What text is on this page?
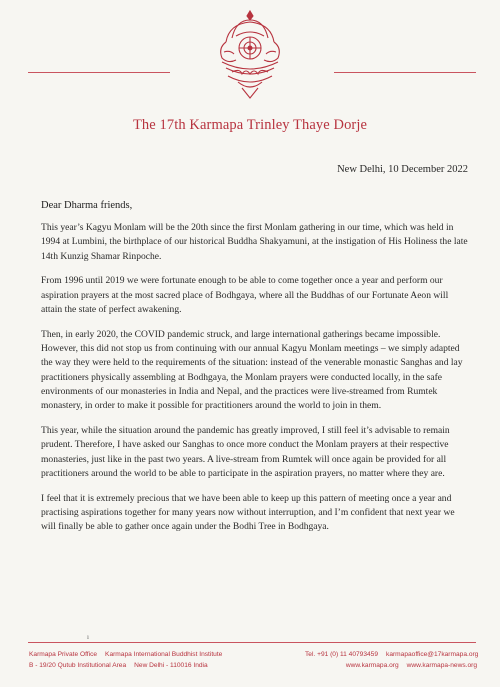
The 17th Karmapa Trinley Thaye Dorje
New Delhi, 10 December 2022
Dear Dharma friends,

This year’s Kagyu Monlam will be the 20th since the first Monlam gathering in our time, which was held in 1994 at Lumbini, the birthplace of our historical Buddha Shakyamuni, at the instigation of His Holiness the late 14th Kunzig Shamar Rinpoche.

From 1996 until 2019 we were fortunate enough to be able to come together once a year and perform our aspiration prayers at the most sacred place of Bodhgaya, where all the Buddhas of our Fortunate Aeon will attain the state of perfect awakening.

Then, in early 2020, the COVID pandemic struck, and large international gatherings became impossible. However, this did not stop us from continuing with our annual Kagyu Monlam meetings – we simply adapted the way they were held to the requirements of the situation: instead of the venerable monastic Sanghas and lay practitioners physically assembling at Bodhgaya, the Monlam prayers were conducted locally, in the safe environments of our monasteries in India and Nepal, and the practices were live-streamed from Rumtek monastery, in order to make it possible for practitioners around the world to join in them.

This year, while the situation around the pandemic has greatly improved, I still feel it’s advisable to remain prudent. Therefore, I have asked our Sanghas to once more conduct the Monlam prayers at their respective monasteries, just like in the past two years. A live-stream from Rumtek will once again be provided for all practitioners around the world to be able to participate in the aspiration prayers, no matter where they are.

I feel that it is extremely precious that we have been able to keep up this pattern of meeting once a year and practising aspirations together for many years now without interruption, and I’m confident that next year we will finally be able to gather once again under the Bodhi Tree in Bodhgaya.

ı
Karmapa Private Office Karmapa International Buddhist Institute
B - 19/20 Qutub Institutional Area New Delhi - 110016 India
Tel. +91 (0) 11 40793459 karmapaoffice@17karmapa.org
www.karmapa.org www.karmapa-news.org
